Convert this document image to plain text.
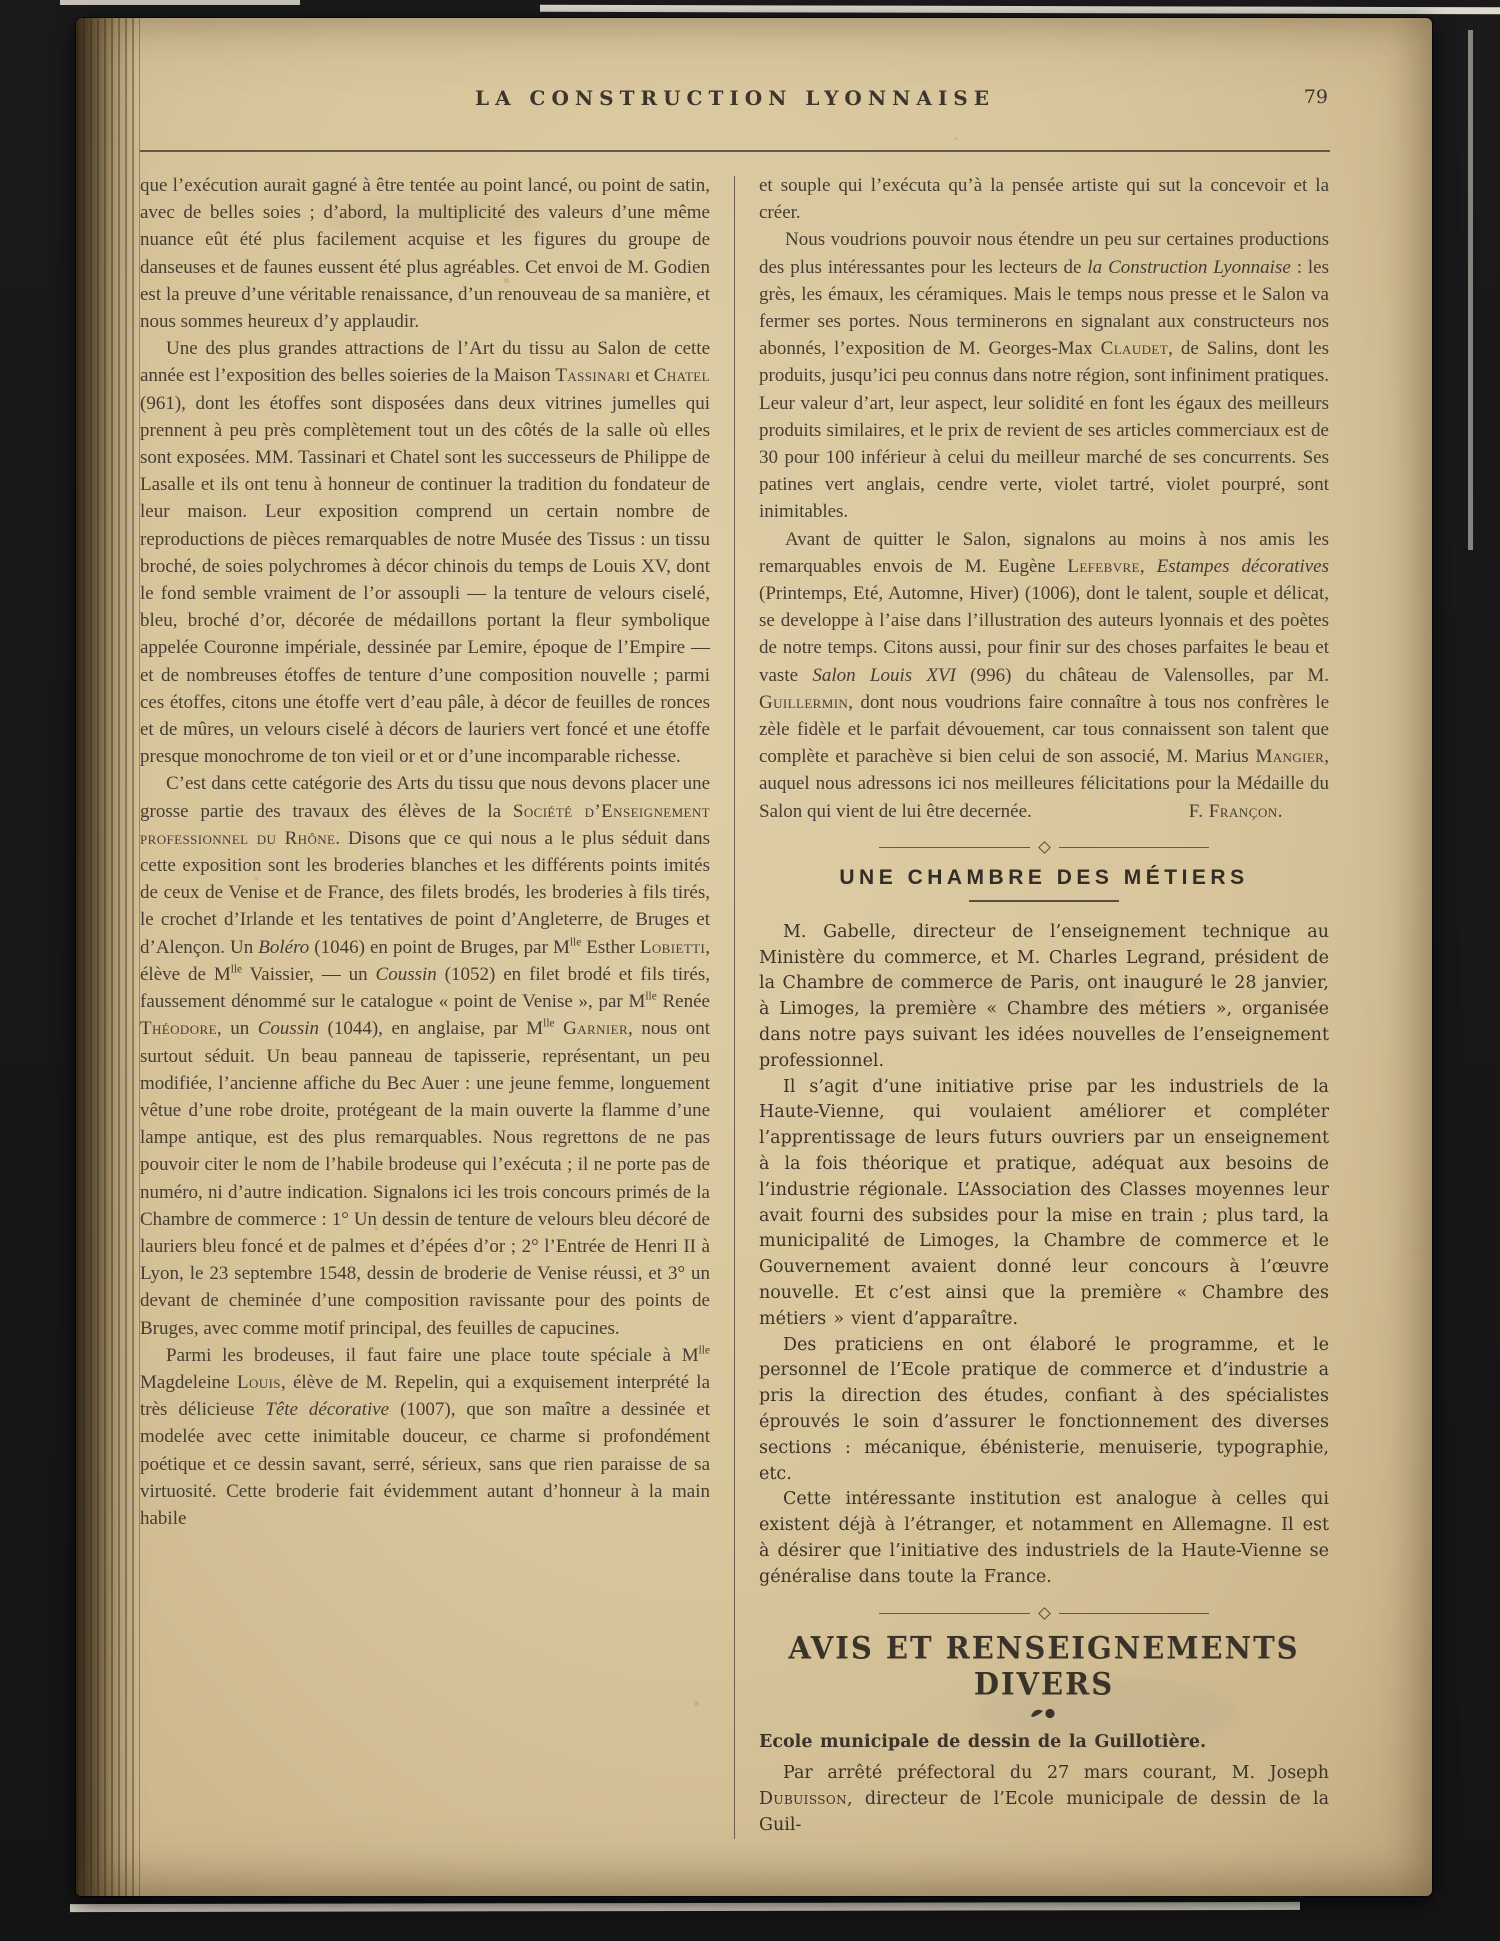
LA CONSTRUCTION LYONNAISE	79

que l’exécution aurait gagné à être tentée au point lancé, ou point de satin, avec de belles soies ; d’abord, la multiplicité des valeurs d’une même nuance eût été plus facilement acquise et les figures du groupe de danseuses et de faunes eussent été plus agréables. Cet envoi de M. Godien est la preuve d’une véritable renaissance, d’un renouveau de sa manière, et nous sommes heureux d’y applaudir.

Une des plus grandes attractions de l’Art du tissu au Salon de cette année est l’exposition des belles soieries de la Maison Tassinari et Chatel (961), dont les étoffes sont disposées dans deux vitrines jumelles qui prennent à peu près complètement tout un des côtés de la salle où elles sont exposées. MM. Tassinari et Chatel sont les successeurs de Philippe de Lasalle et ils ont tenu à honneur de continuer la tradition du fondateur de leur maison. Leur exposition comprend un certain nombre de reproductions de pièces remarquables de notre Musée des Tissus : un tissu broché, de soies polychromes à décor chinois du temps de Louis XV, dont le fond semble vraiment de l’or assoupli — la tenture de velours ciselé, bleu, broché d’or, décorée de médaillons portant la fleur symbolique appelée Couronne impériale, dessinée par Lemire, époque de l’Empire — et de nombreuses étoffes de tenture d’une composition nouvelle ; parmi ces étoffes, citons une étoffe vert d’eau pâle, à décor de feuilles de ronces et de mûres, un velours ciselé à décors de lauriers vert foncé et une étoffe presque monochrome de ton vieil or et or d’une incomparable richesse.

C’est dans cette catégorie des Arts du tissu que nous devons placer une grosse partie des travaux des élèves de la Société d’Enseignement professionnel du Rhône. Disons que ce qui nous a le plus séduit dans cette exposition sont les broderies blanches et les différents points imités de ceux de Venise et de France, des filets brodés, les broderies à fils tirés, le crochet d’Irlande et les tentatives de point d’Angleterre, de Bruges et d’Alençon. Un Boléro (1046) en point de Bruges, par $M^{lle}$ Esther Lobietti, élève de $M^{lle}$ Vaissier, — un Coussin (1052) en filet brodé et fils tirés, faussement dénommé sur le catalogue « point de Venise », par $M^{lle}$ Renée Théodore, un Coussin (1044), en anglaise, par $M^{lle}$ Garnier, nous ont surtout séduit. Un beau panneau de tapisserie, représentant, un peu modifiée, l’ancienne affiche du Bec Auer : une jeune femme, longuement vêtue d’une robe droite, protégeant de la main ouverte la flamme d’une lampe antique, est des plus remarquables. Nous regrettons de ne pas pouvoir citer le nom de l’habile brodeuse qui l’exécuta ; il ne porte pas de numéro, ni d’autre indication. Signalons ici les trois concours primés de la Chambre de commerce : 1° Un dessin de tenture de velours bleu décoré de lauriers bleu foncé et de palmes et d’épées d’or ; 2° l’Entrée de Henri II à Lyon, le 23 septembre 1548, dessin de broderie de Venise réussi, et 3° un devant de cheminée d’une composition ravissante pour des points de Bruges, avec comme motif principal, des feuilles de capucines.

Parmi les brodeuses, il faut faire une place toute spéciale à $M^{lle}$ Magdeleine Louis, élève de M. Repelin, qui a exquisement interprété la très délicieuse Tête décorative (1007), que son maître a dessinée et modelée avec cette inimitable douceur, ce charme si profondément poétique et ce dessin savant, serré, sérieux, sans que rien paraisse de sa virtuosité. Cette broderie fait évidemment autant d’honneur à la main habile

et souple qui l’exécuta qu’à la pensée artiste qui sut la concevoir et la créer.

Nous voudrions pouvoir nous étendre un peu sur certaines productions des plus intéressantes pour les lecteurs de la Construction Lyonnaise : les grès, les émaux, les céramiques. Mais le temps nous presse et le Salon va fermer ses portes. Nous terminerons en signalant aux constructeurs nos abonnés, l’exposition de M. Georges-Max Claudet, de Salins, dont les produits, jusqu’ici peu connus dans notre région, sont infiniment pratiques. Leur valeur d’art, leur aspect, leur solidité en font les égaux des meilleurs produits similaires, et le prix de revient de ses articles commerciaux est de 30 pour 100 inférieur à celui du meilleur marché de ses concurrents. Ses patines vert anglais, cendre verte, violet tartré, violet pourpré, sont inimitables.

Avant de quitter le Salon, signalons au moins à nos amis les remarquables envois de M. Eugène Lefebvre, Estampes décoratives (Printemps, Eté, Automne, Hiver) (1006), dont le talent, souple et délicat, se developpe à l’aise dans l’illustration des auteurs lyonnais et des poètes de notre temps. Citons aussi, pour finir sur des choses parfaites le beau et vaste Salon Louis XVI (996) du château de Valensolles, par M. Guillermin, dont nous voudrions faire connaître à tous nos confrères le zèle fidèle et le parfait dévouement, car tous connaissent son talent que complète et parachève si bien celui de son associé, M. Marius Mangier, auquel nous adressons ici nos meilleures félicitations pour la Médaille du Salon qui vient de lui être decernée.	F. Françon.

UNE CHAMBRE DES MÉTIERS

M. Gabelle, directeur de l’enseignement technique au Ministère du commerce, et M. Charles Legrand, président de la Chambre de commerce de Paris, ont inauguré le 28 janvier, à Limoges, la première « Chambre des métiers », organisée dans notre pays suivant les idées nouvelles de l’enseignement professionnel.

Il s’agit d’une initiative prise par les industriels de la Haute-Vienne, qui voulaient améliorer et compléter l’apprentissage de leurs futurs ouvriers par un enseignement à la fois théorique et pratique, adéquat aux besoins de l’industrie régionale. L’Association des Classes moyennes leur avait fourni des subsides pour la mise en train ; plus tard, la municipalité de Limoges, la Chambre de commerce et le Gouvernement avaient donné leur concours à l’œuvre nouvelle. Et c’est ainsi que la première « Chambre des métiers » vient d’apparaître.

Des praticiens en ont élaboré le programme, et le personnel de l’Ecole pratique de commerce et d’industrie a pris la direction des études, confiant à des spécialistes éprouvés le soin d’assurer le fonctionnement des diverses sections : mécanique, ébénisterie, menuiserie, typographie, etc.

Cette intéressante institution est analogue à celles qui existent déjà à l’étranger, et notamment en Allemagne. Il est à désirer que l’initiative des industriels de la Haute-Vienne se généralise dans toute la France.

AVIS ET RENSEIGNEMENTS DIVERS

Ecole municipale de dessin de la Guillotière.

Par arrêté préfectoral du 27 mars courant, M. Joseph Dubuisson, directeur de l’Ecole municipale de dessin de la Guil-
